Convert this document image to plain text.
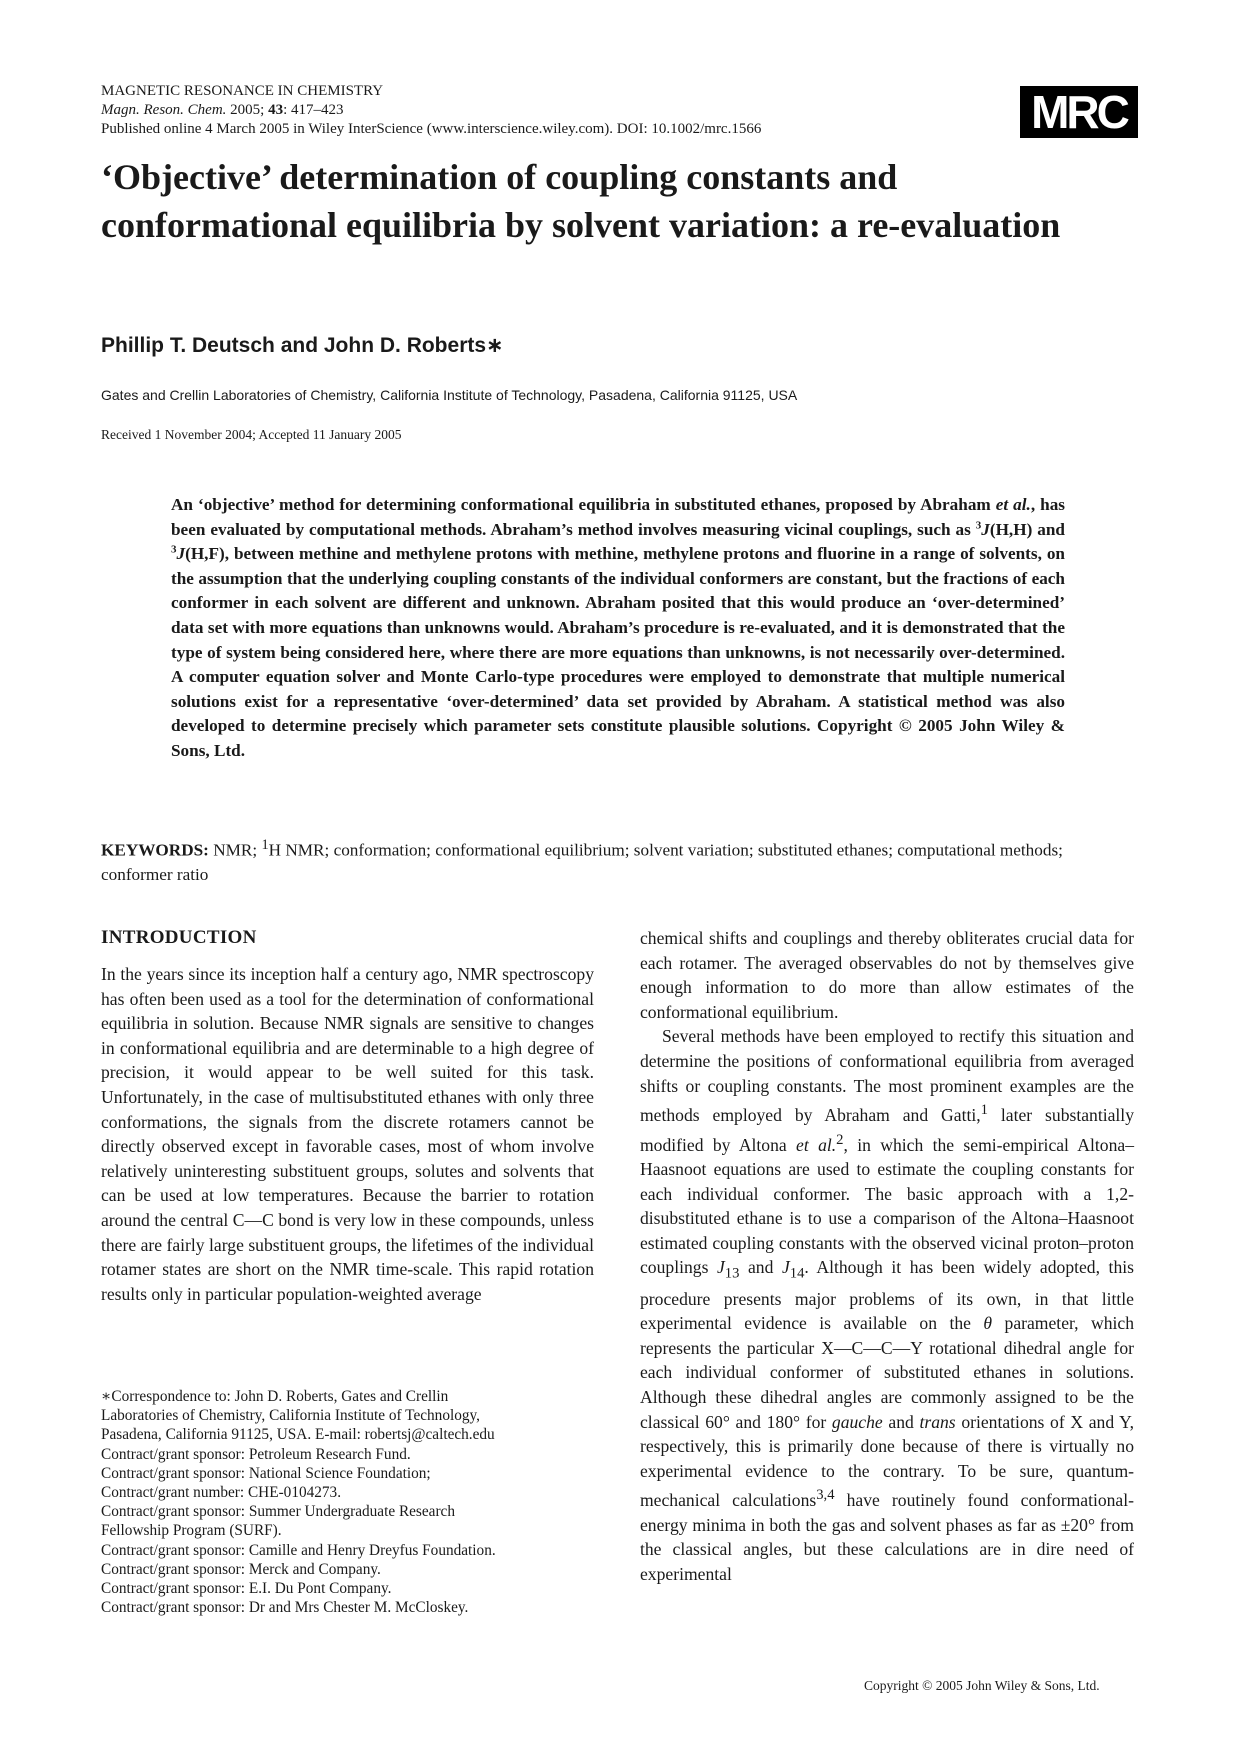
MAGNETIC RESONANCE IN CHEMISTRY
Magn. Reson. Chem. 2005; 43: 417–423
Published online 4 March 2005 in Wiley InterScience (www.interscience.wiley.com). DOI: 10.1002/mrc.1566	MRC
‘Objective’ determination of coupling constants and conformational equilibria by solvent variation: a re-evaluation
Phillip T. Deutsch and John D. Roberts∗
Gates and Crellin Laboratories of Chemistry, California Institute of Technology, Pasadena, California 91125, USA
Received 1 November 2004; Accepted 11 January 2005

An ‘objective’ method for determining conformational equilibria in substituted ethanes, proposed by Abraham et al., has been evaluated by computational methods. Abraham’s method involves measuring vicinal couplings, such as $^3$J(H,H) and $^3$J(H,F), between methine and methylene protons with methine, methylene protons and fluorine in a range of solvents, on the assumption that the underlying coupling constants of the individual conformers are constant, but the fractions of each conformer in each solvent are different and unknown. Abraham posited that this would produce an ‘over-determined’ data set with more equations than unknowns would. Abraham’s procedure is re-evaluated, and it is demonstrated that the type of system being considered here, where there are more equations than unknowns, is not necessarily over-determined. A computer equation solver and Monte Carlo-type procedures were employed to demonstrate that multiple numerical solutions exist for a representative ‘over-determined’ data set provided by Abraham. A statistical method was also developed to determine precisely which parameter sets constitute plausible solutions. Copyright © 2005 John Wiley & Sons, Ltd.

KEYWORDS: NMR; $^1$H NMR; conformation; conformational equilibrium; solvent variation; substituted ethanes; computational methods; conformer ratio
INTRODUCTION

In the years since its inception half a century ago, NMR spectroscopy has often been used as a tool for the determination of conformational equilibria in solution. Because NMR signals are sensitive to changes in conformational equilibria and are determinable to a high degree of precision, it would appear to be well suited for this task. Unfortunately, in the case of multisubstituted ethanes with only three conformations, the signals from the discrete rotamers cannot be directly observed except in favorable cases, most of whom involve relatively uninteresting substituent groups, solutes and solvents that can be used at low temperatures. Because the barrier to rotation around the central C—C bond is very low in these compounds, unless there are fairly large substituent groups, the lifetimes of the individual rotamer states are short on the NMR time-scale. This rapid rotation results only in particular population-weighted average

chemical shifts and couplings and thereby obliterates crucial data for each rotamer. The averaged observables do not by themselves give enough information to do more than allow estimates of the conformational equilibrium.

Several methods have been employed to rectify this situation and determine the positions of conformational equilibria from averaged shifts or coupling constants. The most prominent examples are the methods employed by Abraham and Gatti,$^1$ later substantially modified by Altona et al.$^2$, in which the semi-empirical Altona–Haasnoot equations are used to estimate the coupling constants for each individual conformer. The basic approach with a 1,2-disubstituted ethane is to use a comparison of the Altona–Haasnoot estimated coupling constants with the observed vicinal proton–proton couplings $J_{13}$ and $J_{14}$. Although it has been widely adopted, this procedure presents major problems of its own, in that little experimental evidence is available on the θ parameter, which represents the particular X—C—C—Y rotational dihedral angle for each individual conformer of substituted ethanes in solutions. Although these dihedral angles are commonly assigned to be the classical 60° and 180° for gauche and trans orientations of X and Y, respectively, this is primarily done because of there is virtually no experimental evidence to the contrary. To be sure, quantum-mechanical calculations$^{3,4}$ have routinely found conformational-energy minima in both the gas and solvent phases as far as ±20° from the classical angles, but these calculations are in dire need of experimental

∗Correspondence to: John D. Roberts, Gates and Crellin
Laboratories of Chemistry, California Institute of Technology,
Pasadena, California 91125, USA. E-mail: robertsj@caltech.edu
Contract/grant sponsor: Petroleum Research Fund.
Contract/grant sponsor: National Science Foundation;
Contract/grant number: CHE-0104273.
Contract/grant sponsor: Summer Undergraduate Research
Fellowship Program (SURF).
Contract/grant sponsor: Camille and Henry Dreyfus Foundation.
Contract/grant sponsor: Merck and Company.
Contract/grant sponsor: E.I. Du Pont Company.
Contract/grant sponsor: Dr and Mrs Chester M. McCloskey.
Copyright © 2005 John Wiley & Sons, Ltd.
